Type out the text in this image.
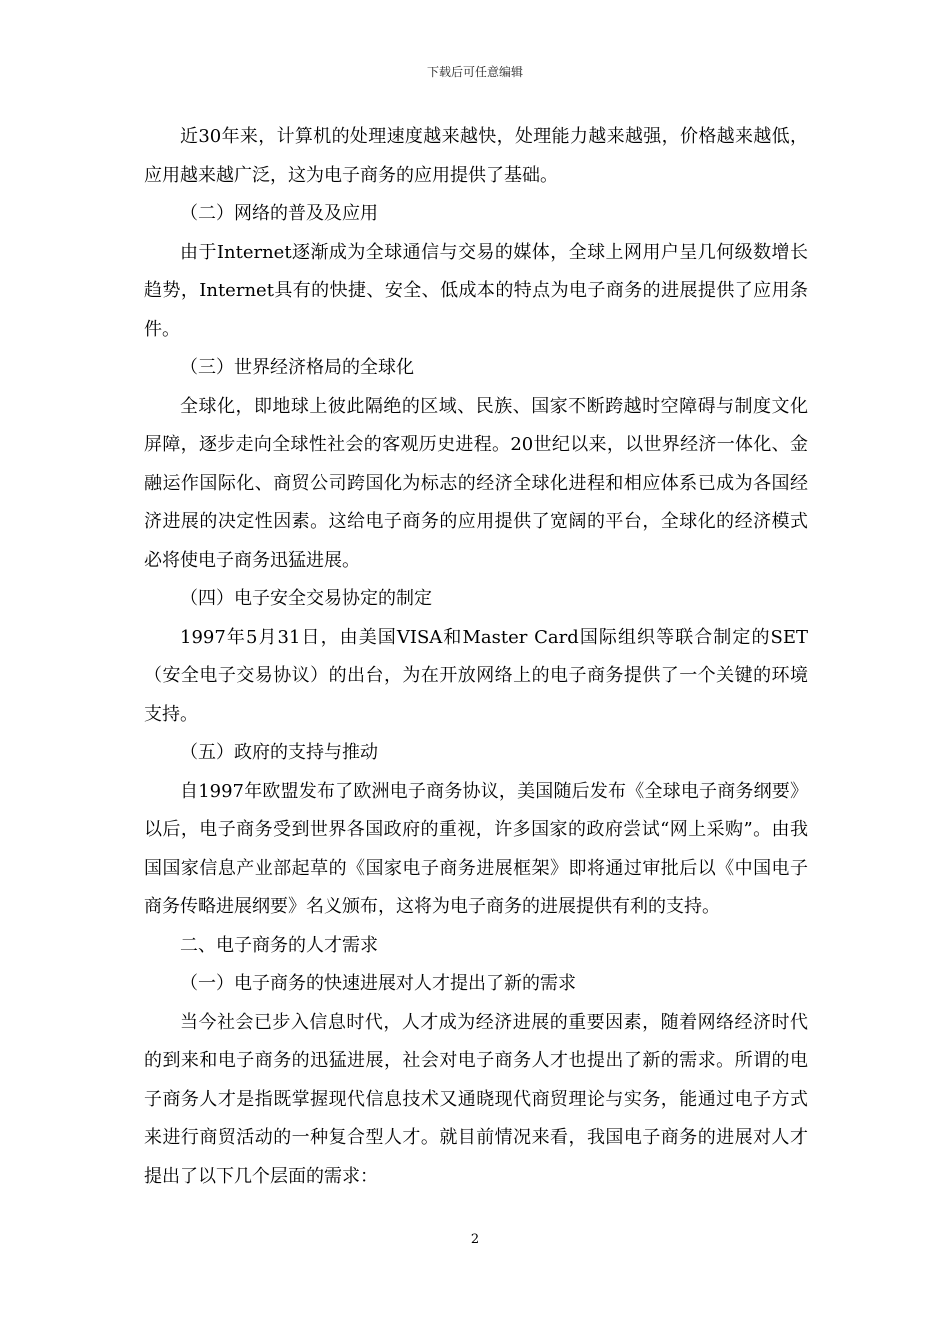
下载后可任意编辑

近30年来，计算机的处理速度越来越快，处理能力越来越强，价格越来越低，应用越来越广泛，这为电子商务的应用提供了基础。

（二）网络的普及及应用

由于Internet逐渐成为全球通信与交易的媒体，全球上网用户呈几何级数增长趋势，Internet具有的快捷、安全、低成本的特点为电子商务的进展提供了应用条件。

（三）世界经济格局的全球化

全球化，即地球上彼此隔绝的区域、民族、国家不断跨越时空障碍与制度文化屏障，逐步走向全球性社会的客观历史进程。20世纪以来，以世界经济一体化、金融运作国际化、商贸公司跨国化为标志的经济全球化进程和相应体系已成为各国经济进展的决定性因素。这给电子商务的应用提供了宽阔的平台，全球化的经济模式必将使电子商务迅猛进展。

（四）电子安全交易协定的制定

1997年5月31日，由美国VISA和Master Card国际组织等联合制定的SET（安全电子交易协议）的出台，为在开放网络上的电子商务提供了一个关键的环境支持。

（五）政府的支持与推动

自1997年欧盟发布了欧洲电子商务协议，美国随后发布《全球电子商务纲要》以后，电子商务受到世界各国政府的重视，许多国家的政府尝试“网上采购”。由我国国家信息产业部起草的《国家电子商务进展框架》即将通过审批后以《中国电子商务传略进展纲要》名义颁布，这将为电子商务的进展提供有利的支持。

二、电子商务的人才需求

（一）电子商务的快速进展对人才提出了新的需求

当今社会已步入信息时代，人才成为经济进展的重要因素，随着网络经济时代的到来和电子商务的迅猛进展，社会对电子商务人才也提出了新的需求。所谓的电子商务人才是指既掌握现代信息技术又通晓现代商贸理论与实务，能通过电子方式来进行商贸活动的一种复合型人才。就目前情况来看，我国电子商务的进展对人才提出了以下几个层面的需求：

2
